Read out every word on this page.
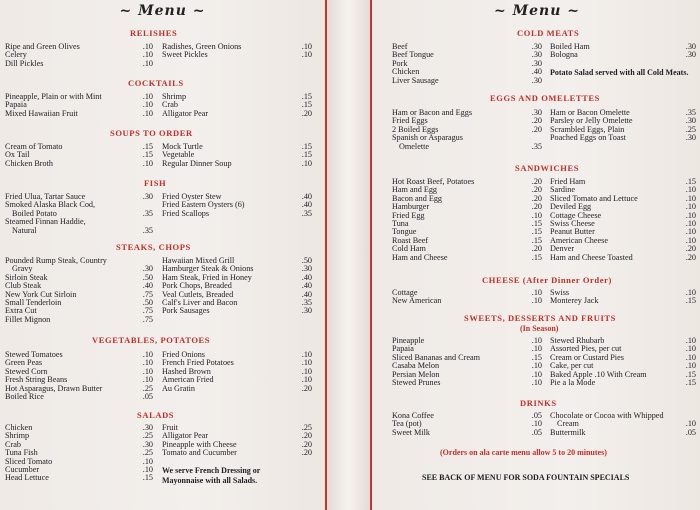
~ Menu ~
RELISHES
Ripe and Green Olives	.10
Celery	.10
Dill Pickles	.10
Radishes, Green Onions	.10
Sweet Pickles	.10
COCKTAILS
Pineapple, Plain or with Mint	.10
Papaia	.10
Mixed Hawaiian Fruit	.10
Shrimp	.15
Crab	.15
Alligator Pear	.20
SOUPS TO ORDER
Cream of Tomato	.15
Ox Tail	.15
Chicken Broth	.10
Mock Turtle	.15
Vegetable	.15
Regular Dinner Soup	.10
FISH
Fried Ulua, Tartar Sauce	.30
Smoked Alaska Black Cod,
Boiled Potato	.35
Steamed Finnan Haddie,
Natural	.35
Fried Oyster Stew	.40
Fried Eastern Oysters (6)	.40
Fried Scallops	.35
STEAKS, CHOPS
Pounded Rump Steak, Country
Gravy	.30
Sirloin Steak	.50
Club Steak	.40
New York Cut Sirloin	.75
Small Tenderloin	.50
Extra Cut	.75
Fillet Mignon	.75
Hawaiian Mixed Grill	.50
Hamburger Steak & Onions	.30
Ham Steak, Fried in Honey	.40
Pork Chops, Breaded	.40
Veal Cutlets, Breaded	.40
Calf's Liver and Bacon	.35
Pork Sausages	.30
VEGETABLES, POTATOES
Stewed Tomatoes	.10
Green Peas	.10
Stewed Corn	.10
Fresh String Beans	.10
Hot Asparagus, Drawn Butter	.25
Boiled Rice	.05
Fried Onions	.10
French Fried Potatoes	.10
Hashed Brown	.10
American Fried	.10
Au Gratin	.20
SALADS
Chicken	.30
Shrimp	.25
Crab	.30
Tuna Fish	.25
Sliced Tomato	.10
Cucumber	.10
Head Lettuce	.15
Fruit	.25
Alligator Pear	.20
Pineapple with Cheese	.20
Tomato and Cucumber	.20
We serve French Dressing or Mayonnaise with all Salads.
~ Menu ~
COLD MEATS
Beef	.30
Beef Tongue	.30
Pork	.30
Chicken	.40
Liver Sausage	.30
Boiled Ham	.30
Bologna	.30
Potato Salad served with all Cold Meats.
EGGS AND OMELETTES
Ham or Bacon and Eggs	.30
Fried Eggs	.20
2 Boiled Eggs	.20
Spanish or Asparagus
Omelette	.35
Ham or Bacon Omelette	.35
Parsley or Jelly Omelette	.30
Scrambled Eggs, Plain	.25
Poached Eggs on Toast	.30
SANDWICHES
Hot Roast Beef, Potatoes	.20
Ham and Egg	.20
Bacon and Egg	.20
Hamburger	.20
Fried Egg	.10
Tuna	.15
Tongue	.15
Roast Beef	.15
Cold Ham	.20
Ham and Cheese	.15
Fried Ham	.15
Sardine	.10
Sliced Tomato and Lettuce	.10
Deviled Egg	.10
Cottage Cheese	.10
Swiss Cheese	.10
Peanut Butter	.10
American Cheese	.10
Denver	.20
Ham and Cheese Toasted	.20
CHEESE (After Dinner Order)
Cottage	.10
New American	.10
Swiss	.10
Monterey Jack	.15
SWEETS, DESSERTS AND FRUITS
(In Season)
Pineapple	.10
Papaia	.10
Sliced Bananas and Cream	.15
Casaba Melon	.10
Persian Melon	.10
Stewed Prunes	.10
Stewed Rhubarb	.10
Assorted Pies, per cut	.10
Cream or Custard Pies	.10
Cake, per cut	.10
Baked Apple .10 With Cream	.15
Pie a la Mode	.15
DRINKS
Kona Coffee	.05
Tea (pot)	.10
Sweet Milk	.05
Chocolate or Cocoa with Whipped
Cream	.10
Buttermilk	.05
(Orders on ala carte menu allow 5 to 20 minutes)
SEE BACK OF MENU FOR SODA FOUNTAIN SPECIALS
